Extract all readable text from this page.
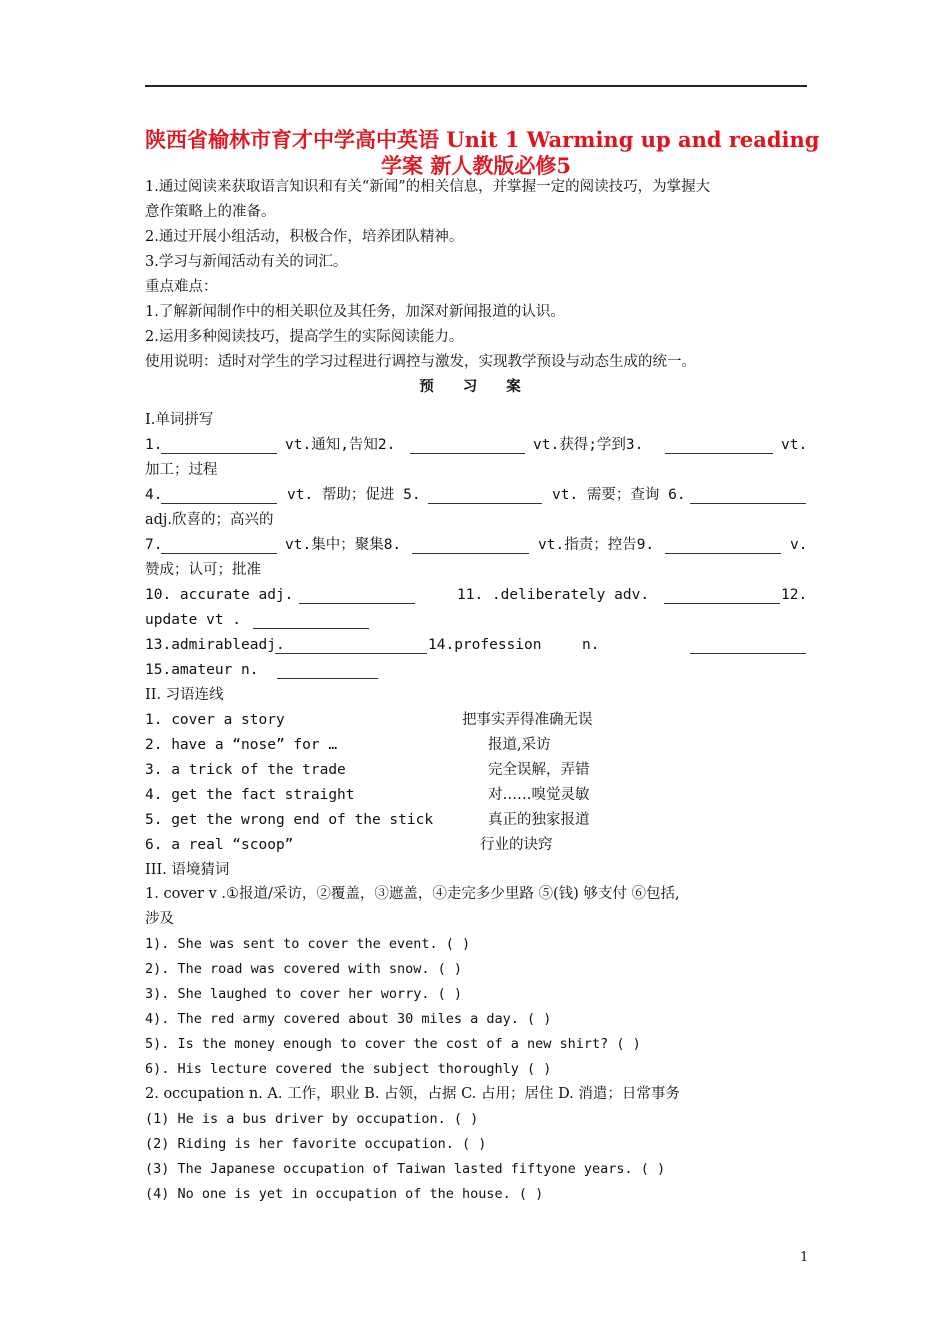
陕西省榆林市育才中学高中英语 Unit 1 Warming up and reading
学案 新人教版必修5
1.通过阅读来获取语言知识和有关“新闻”的相关信息，并掌握一定的阅读技巧，为掌握大
意作策略上的准备。
2.通过开展小组活动，积极合作，培养团队精神。
3.学习与新闻活动有关的词汇。
重点难点：
1.了解新闻制作中的相关职位及其任务，加深对新闻报道的认识。
2.运用多种阅读技巧，提高学生的实际阅读能力。
使用说明：适时对学生的学习过程进行调控与激发，实现教学预设与动态生成的统一。
预 习 案
I.单词拼写
1.	vt.通知,告知2.	vt.获得;学到3.	vt.
加工；过程
4.	vt. 帮助；促进 5.	vt. 需要；查询 6.
adj.欣喜的；高兴的
7.	vt.集中；聚集8.	vt.指责；控告9.	v.
赞成；认可；批准
10. accurate adj.	11. .deliberately adv.	12.
update vt .
13.admirableadj.	14.profession	n.
15.amateur n.
II. 习语连线
1. cover a story	把事实弄得准确无误
2. have a “nose” for …	报道,采访
3. a trick of the trade	完全误解，弄错
4. get the fact straight	对……嗅觉灵敏
5. get the wrong end of the stick	真正的独家报道
6. a real “scoop”	行业的诀窍
III. 语境猜词
1. cover v .①报道/采访，②覆盖，③遮盖，④走完多少里路 ⑤(钱) 够支付 ⑥包括,
涉及
1). She was sent to cover the event. ( )
2). The road was covered with snow. ( )
3). She laughed to cover her worry. ( )
4). The red army covered about 30 miles a day. ( )
5). Is the money enough to cover the cost of a new shirt? ( )
6). His lecture covered the subject thoroughly ( )
2. occupation n. A. 工作，职业 B. 占领，占据 C. 占用；居住 D. 消遣；日常事务
(1) He is a bus driver by occupation. ( )
(2) Riding is her favorite occupation. ( )
(3) The Japanese occupation of Taiwan lasted fiftyone years. ( )
(4) No one is yet in occupation of the house. ( )
1
